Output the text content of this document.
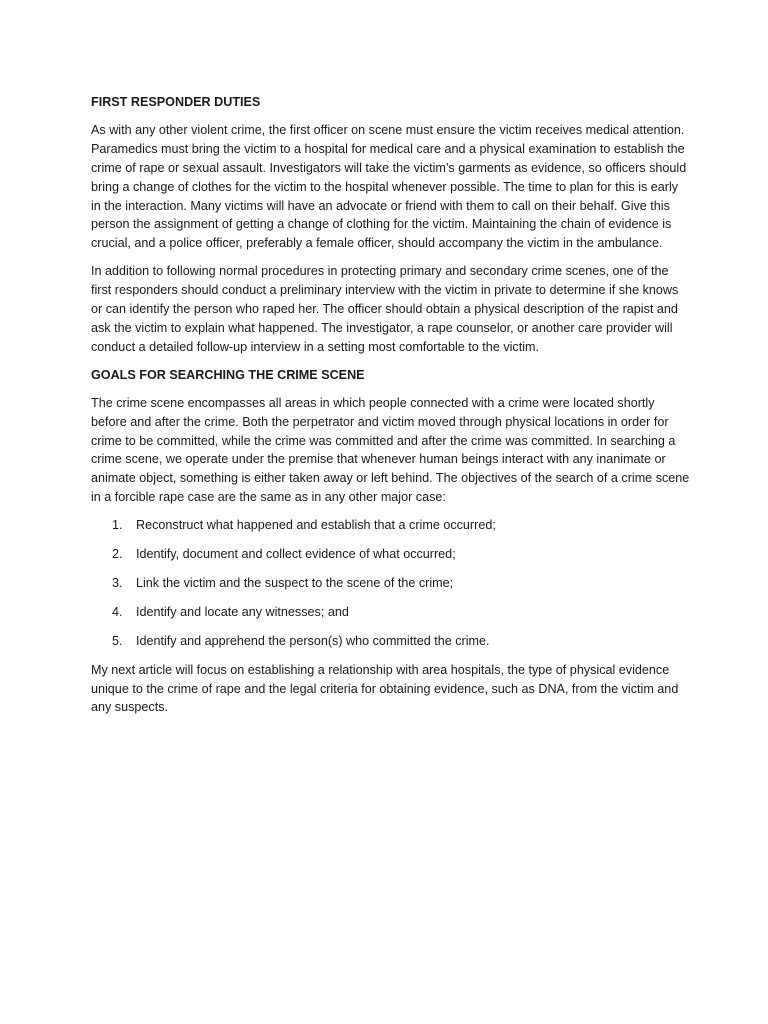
FIRST RESPONDER DUTIES

As with any other violent crime, the first officer on scene must ensure the victim receives medical attention. Paramedics must bring the victim to a hospital for medical care and a physical examination to establish the crime of rape or sexual assault. Investigators will take the victim’s garments as evidence, so officers should bring a change of clothes for the victim to the hospital whenever possible. The time to plan for this is early in the interaction. Many victims will have an advocate or friend with them to call on their behalf. Give this person the assignment of getting a change of clothing for the victim. Maintaining the chain of evidence is crucial, and a police officer, preferably a female officer, should accompany the victim in the ambulance.

In addition to following normal procedures in protecting primary and secondary crime scenes, one of the first responders should conduct a preliminary interview with the victim in private to determine if she knows or can identify the person who raped her. The officer should obtain a physical description of the rapist and ask the victim to explain what happened. The investigator, a rape counselor, or another care provider will conduct a detailed follow-up interview in a setting most comfortable to the victim.

GOALS FOR SEARCHING THE CRIME SCENE

The crime scene encompasses all areas in which people connected with a crime were located shortly before and after the crime. Both the perpetrator and victim moved through physical locations in order for crime to be committed, while the crime was committed and after the crime was committed. In searching a crime scene, we operate under the premise that whenever human beings interact with any inanimate or animate object, something is either taken away or left behind. The objectives of the search of a crime scene in a forcible rape case are the same as in any other major case:

1.	Reconstruct what happened and establish that a crime occurred;
2.	Identify, document and collect evidence of what occurred;
3.	Link the victim and the suspect to the scene of the crime;
4.	Identify and locate any witnesses; and
5.	Identify and apprehend the person(s) who committed the crime.

My next article will focus on establishing a relationship with area hospitals, the type of physical evidence unique to the crime of rape and the legal criteria for obtaining evidence, such as DNA, from the victim and any suspects.
